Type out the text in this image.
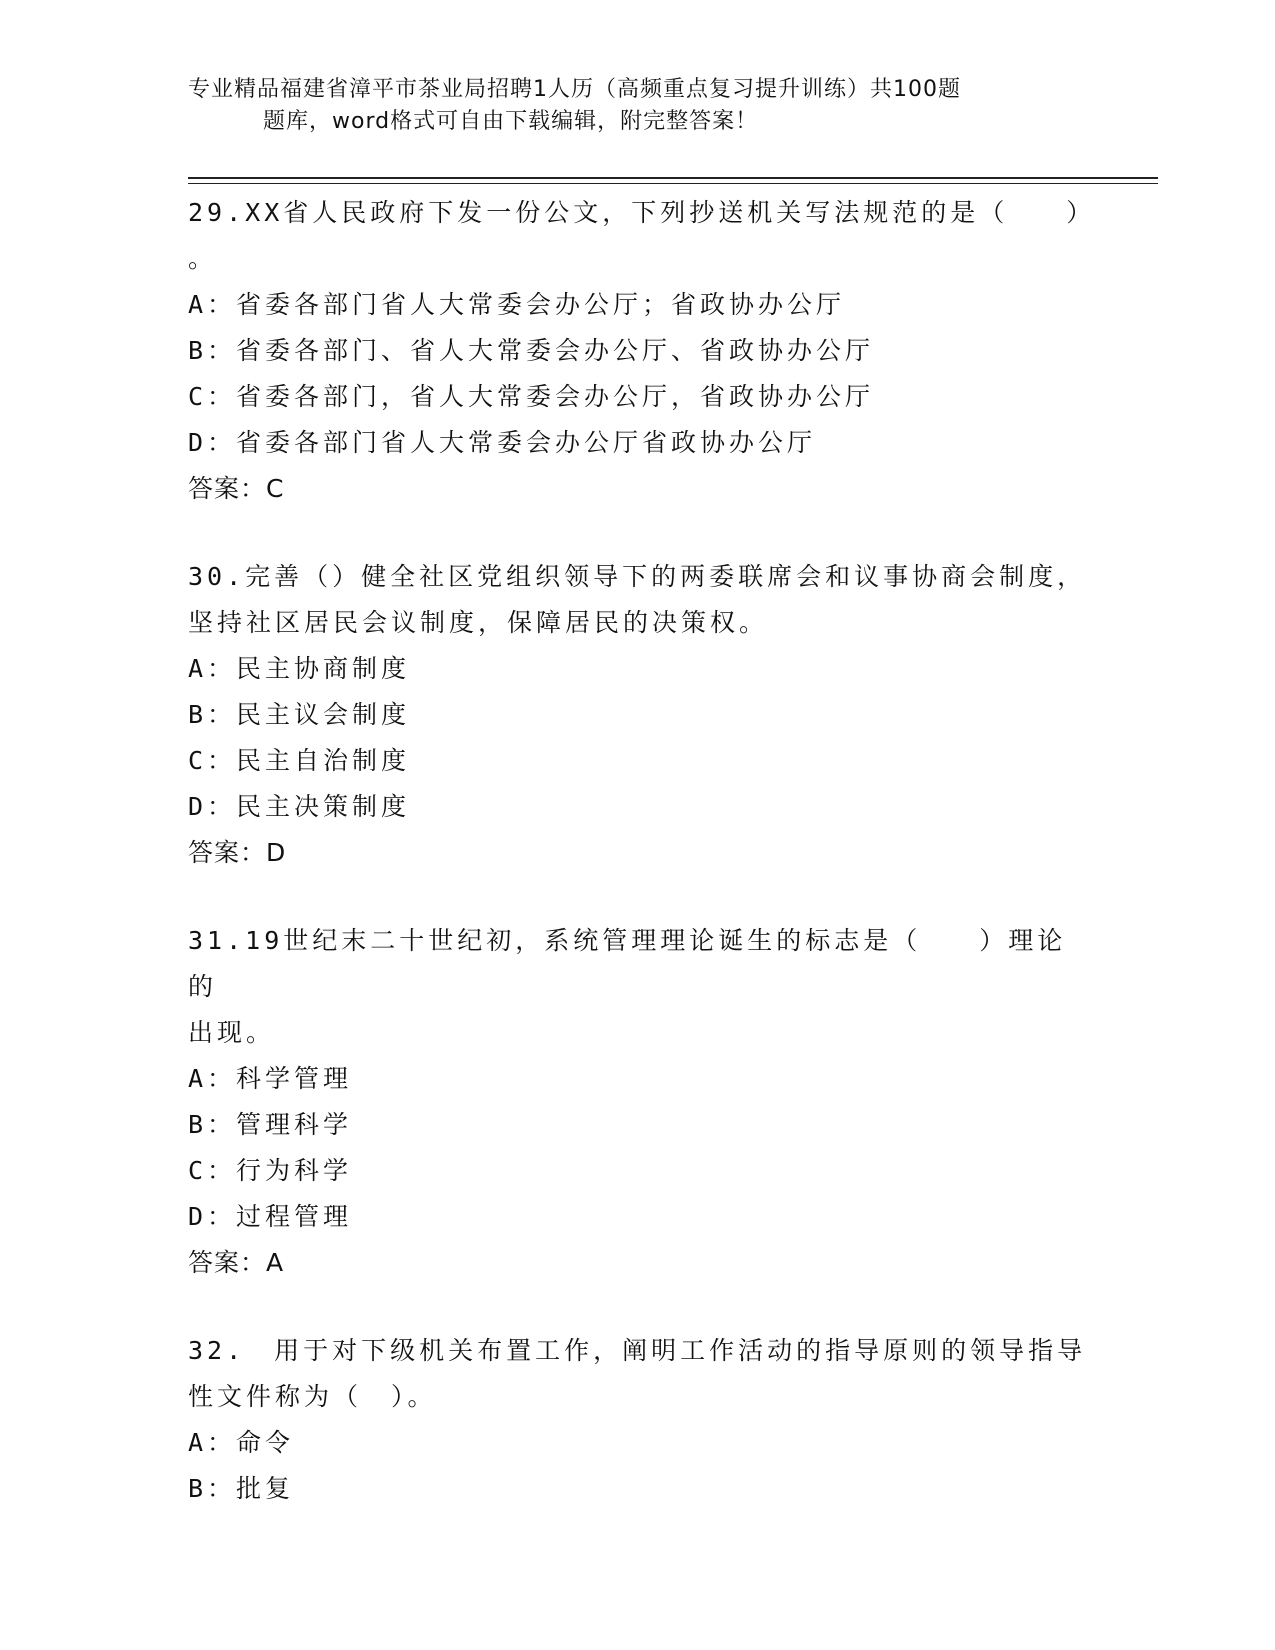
专业精品福建省漳平市茶业局招聘1人历（高频重点复习提升训练）共100题
题库，word格式可自由下载编辑，附完整答案！

29.XX省人民政府下发一份公文，下列抄送机关写法规范的是（　　）

。

A：省委各部门省人大常委会办公厅；省政协办公厅

B：省委各部门、省人大常委会办公厅、省政协办公厅

C：省委各部门，省人大常委会办公厅，省政协办公厅

D：省委各部门省人大常委会办公厅省政协办公厅

答案：C

30.完善（）健全社区党组织领导下的两委联席会和议事协商会制度，

坚持社区居民会议制度，保障居民的决策权。

A：民主协商制度

B：民主议会制度

C：民主自治制度

D：民主决策制度

答案：D

31.19世纪末二十世纪初，系统管理理论诞生的标志是（　　）理论的

出现。

A：科学管理

B：管理科学

C：行为科学

D：过程管理

答案：A

32.　用于对下级机关布置工作，阐明工作活动的指导原则的领导指导

性文件称为（　）。

A：命令

B：批复
